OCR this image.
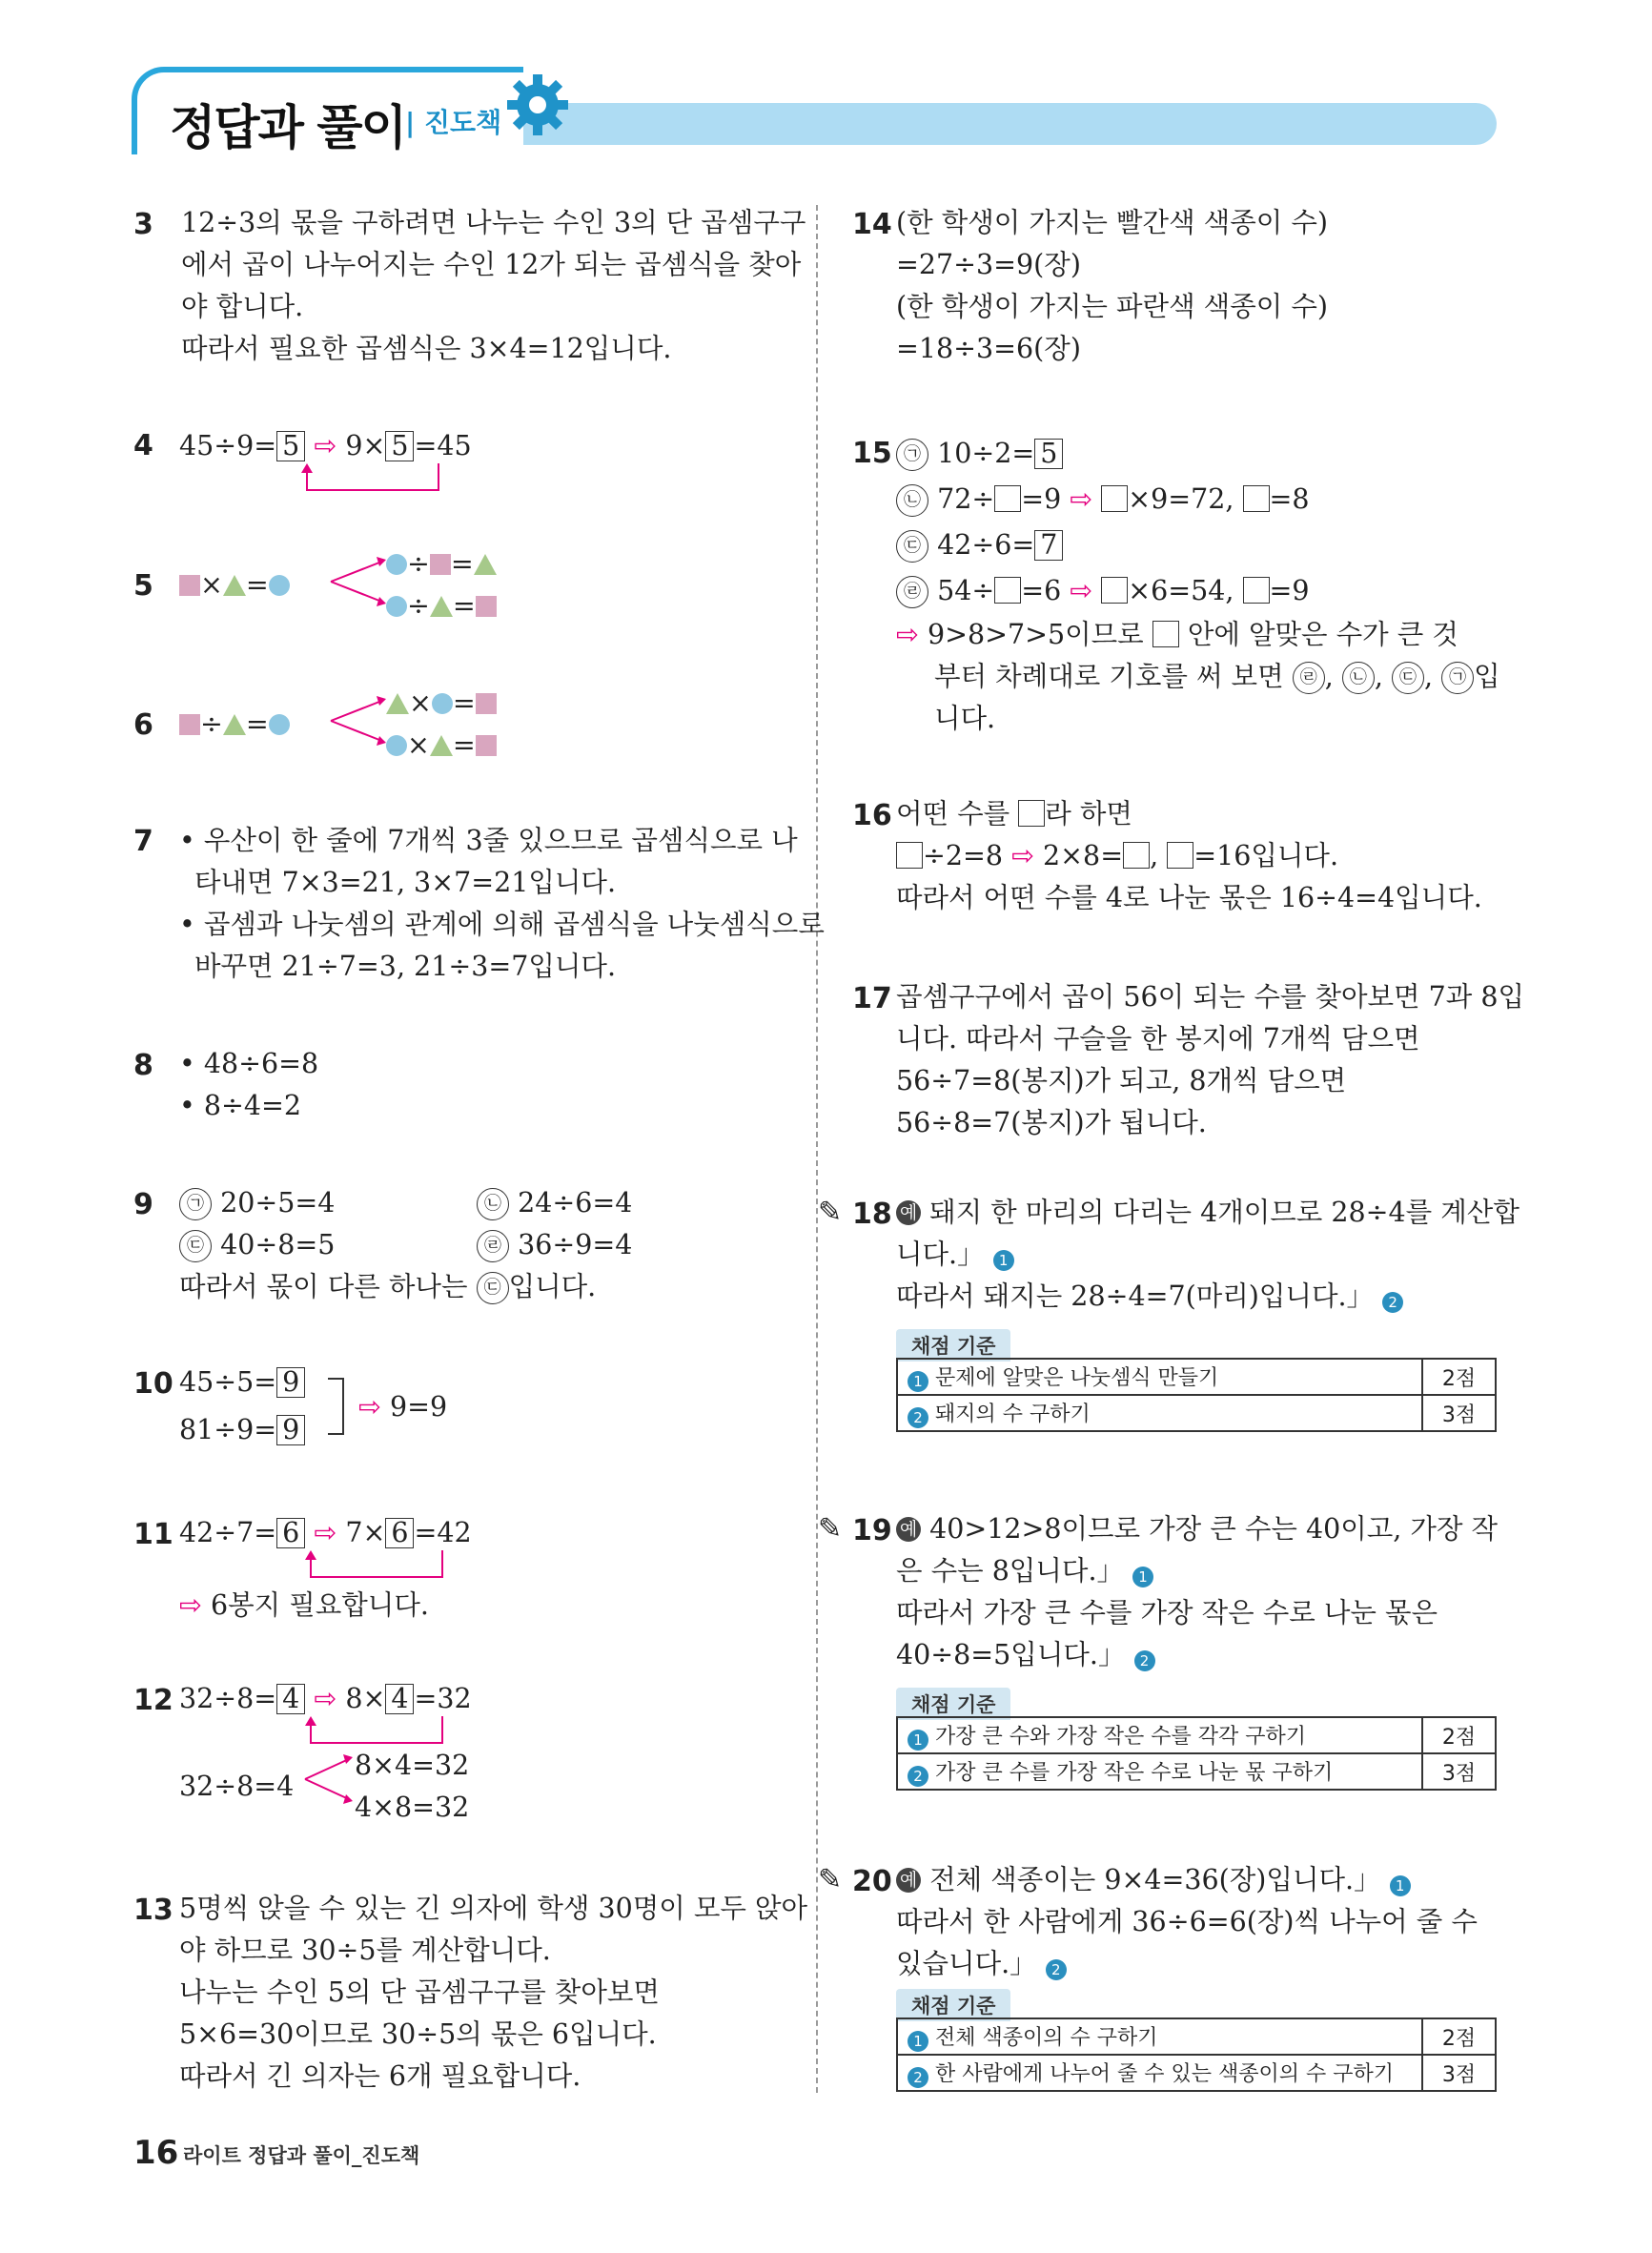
정답과 풀이 | 진도책
3 12÷3의 몫을 구하려면 나누는 수인 3의 단 곱셈구구
에서 곱이 나누어지는 수인 12가 되는 곱셈식을 찾아
야 합니다.
따라서 필요한 곱셈식은 3×4=12입니다.
4 45÷9= 5 ⇨ 9× 5 =45
5	× =
÷ =
÷ =
6	÷ =
× =
× =
7 • 우산이 한 줄에 7개씩 3줄 있으므로 곱셈식으로 나
타내면 7×3=21, 3×7=21입니다.
• 곱셈과 나눗셈의 관계에 의해 곱셈식을 나눗셈식으로
바꾸면 21÷7=3, 21÷3=7입니다.
8 • 48÷6=8
• 8÷4=2
9	㉠ 20÷5=4	㉡ 24÷6=4
㉢ 40÷8=5	㉣ 36÷9=4
따라서 몫이 다른 하나는 ㉢ 입니다.
10 45÷5= 9
81÷9= 9
⇨ 9=9
11 42÷7= 6 ⇨ 7× 6 =42
⇨ 6봉지 필요합니다.
12 32÷8= 4 ⇨ 8× 4 =32
32÷8=4
8×4=32
4×8=32
13 5명씩 앉을 수 있는 긴 의자에 학생 30명이 모두 앉아
야 하므로 30÷5를 계산합니다.
나누는 수인 5의 단 곱셈구구를 찾아보면
5×6=30이므로 30÷5의 몫은 6입니다.
따라서 긴 의자는 6개 필요합니다.
14 (한 학생이 가지는 빨간색 색종이 수)
=27÷3=9(장)
(한 학생이 가지는 파란색 색종이 수)
=18÷3=6(장)
15 ㉠ 10÷2= 5
㉡ 72÷ =9 ⇨ ×9=72, =8
㉢ 42÷6= 7
㉣ 54÷ =6 ⇨ ×6=54, =9
⇨ 9>8>7>5이므로 안에 알맞은 수가 큰 것
부터 차례대로 기호를 써 보면 ㉣ , ㉡ , ㉢ , ㉠ 입
니다.
16 어떤 수를 라 하면
÷2=8 ⇨ 2×8= , =16입니다.
따라서 어떤 수를 4로 나눈 몫은 16÷4=4입니다.
17 곱셈구구에서 곱이 56이 되는 수를 찾아보면 7과 8입
니다. 따라서 구슬을 한 봉지에 7개씩 담으면
56÷7=8(봉지)가 되고, 8개씩 담으면
56÷8=7(봉지)가 됩니다.
✎ 18 예 돼지 한 마리의 다리는 4개이므로 28÷4를 계산합
니다.」 1
따라서 돼지는 28÷4=7(마리)입니다.」 2
채점 기준
1 문제에 알맞은 나눗셈식 만들기	2점
2 돼지의 수 구하기	3점
✎ 19 예 40>12>8이므로 가장 큰 수는 40이고, 가장 작
은 수는 8입니다.」 1
따라서 가장 큰 수를 가장 작은 수로 나눈 몫은
40÷8=5입니다.」 2
채점 기준
1 가장 큰 수와 가장 작은 수를 각각 구하기	2점
2 가장 큰 수를 가장 작은 수로 나눈 몫 구하기	3점
✎ 20 예 전체 색종이는 9×4=36(장)입니다.」 1
따라서 한 사람에게 36÷6=6(장)씩 나누어 줄 수
있습니다.」 2
채점 기준
1 전체 색종이의 수 구하기	2점
2 한 사람에게 나누어 줄 수 있는 색종이의 수 구하기	3점
16 라이트 정답과 풀이_진도책
